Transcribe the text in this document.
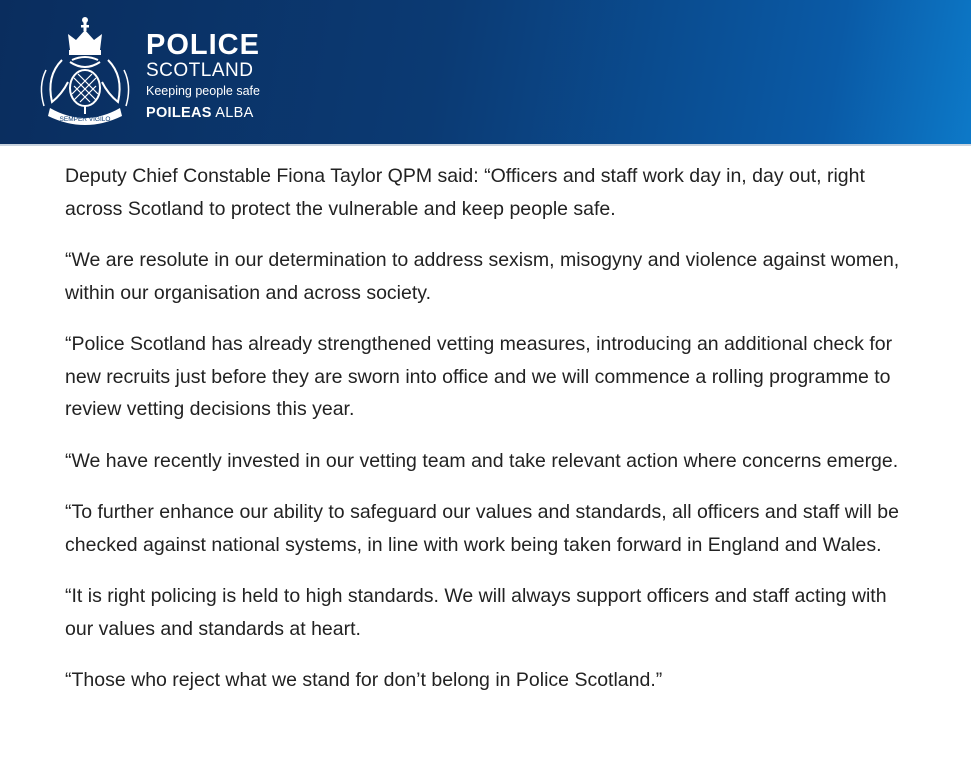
SEMPER VIGILO
POLICE
SCOTLAND
Keeping people safe
POILEAS ALBA

Deputy Chief Constable Fiona Taylor QPM said: “Officers and staff work day in, day out, right across Scotland to protect the vulnerable and keep people safe.

“We are resolute in our determination to address sexism, misogyny and violence against women, within our organisation and across society.

“Police Scotland has already strengthened vetting measures, introducing an additional check for new recruits just before they are sworn into office and we will commence a rolling programme to review vetting decisions this year.

“We have recently invested in our vetting team and take relevant action where concerns emerge.

“To further enhance our ability to safeguard our values and standards, all officers and staff will be checked against national systems, in line with work being taken forward in England and Wales.

“It is right policing is held to high standards. We will always support officers and staff acting with our values and standards at heart.

“Those who reject what we stand for don’t belong in Police Scotland.”
